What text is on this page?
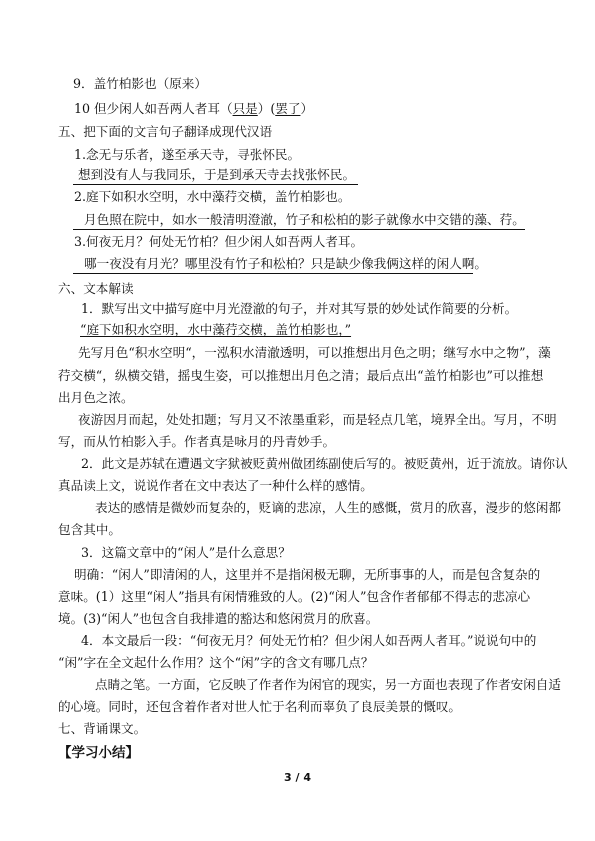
9．盖竹柏影也（原来）
10 但少闲人如吾两人者耳（只是）(罢了）
五、把下面的文言句子翻译成现代汉语
1.念无与乐者，遂至承天寺，寻张怀民。
想到没有人与我同乐，于是到承天寺去找张怀民。
2.庭下如积水空明，水中藻荇交横，盖竹柏影也。
月色照在院中，如水一般清明澄澈，竹子和松柏的影子就像水中交错的藻、荇。
3.何夜无月？何处无竹柏？但少闲人如吾两人者耳。
哪一夜没有月光？哪里没有竹子和松柏？只是缺少像我俩这样的闲人啊。
六、文本解读
1．默写出文中描写庭中月光澄澈的句子，并对其写景的妙处试作简要的分析。
“庭下如积水空明，水中藻荇交横，盖竹柏影也，”
先写月色“积水空明“，一泓积水清澈透明，可以推想出月色之明；继写水中之物”，藻
荇交横“，纵横交错，摇曳生姿，可以推想出月色之清；最后点出“盖竹柏影也”可以推想
出月色之浓。
夜游因月而起，处处扣题；写月又不浓墨重彩，而是轻点几笔，境界全出。写月，不明
写，而从竹柏影入手。作者真是咏月的丹青妙手。
2．此文是苏轼在遭遇文字狱被贬黄州做团练副使后写的。被贬黄州，近于流放。请你认
真品读上文，说说作者在文中表达了一种什么样的感情。
表达的感情是微妙而复杂的，贬谪的悲凉，人生的感慨，赏月的欣喜，漫步的悠闲都
包含其中。
3．这篇文章中的“闲人”是什么意思？
明确：“闲人”即清闲的人，这里并不是指闲极无聊，无所事事的人，而是包含复杂的
意味。(1）这里“闲人”指具有闲情雅致的人。(2)“闲人”包含作者郁郁不得志的悲凉心
境。(3)“闲人”也包含自我排遣的豁达和悠闲赏月的欣喜。
4．本文最后一段：“何夜无月？何处无竹柏？但少闲人如吾两人者耳。”说说句中的
“闲”字在全文起什么作用？这个“闲”字的含文有哪几点？
点睛之笔。一方面，它反映了作者作为闲官的现实，另一方面也表现了作者安闲自适
的心境。同时，还包含着作者对世人忙于名利而辜负了良辰美景的慨叹。
七、背诵课文。
【学习小结】
3 / 4
